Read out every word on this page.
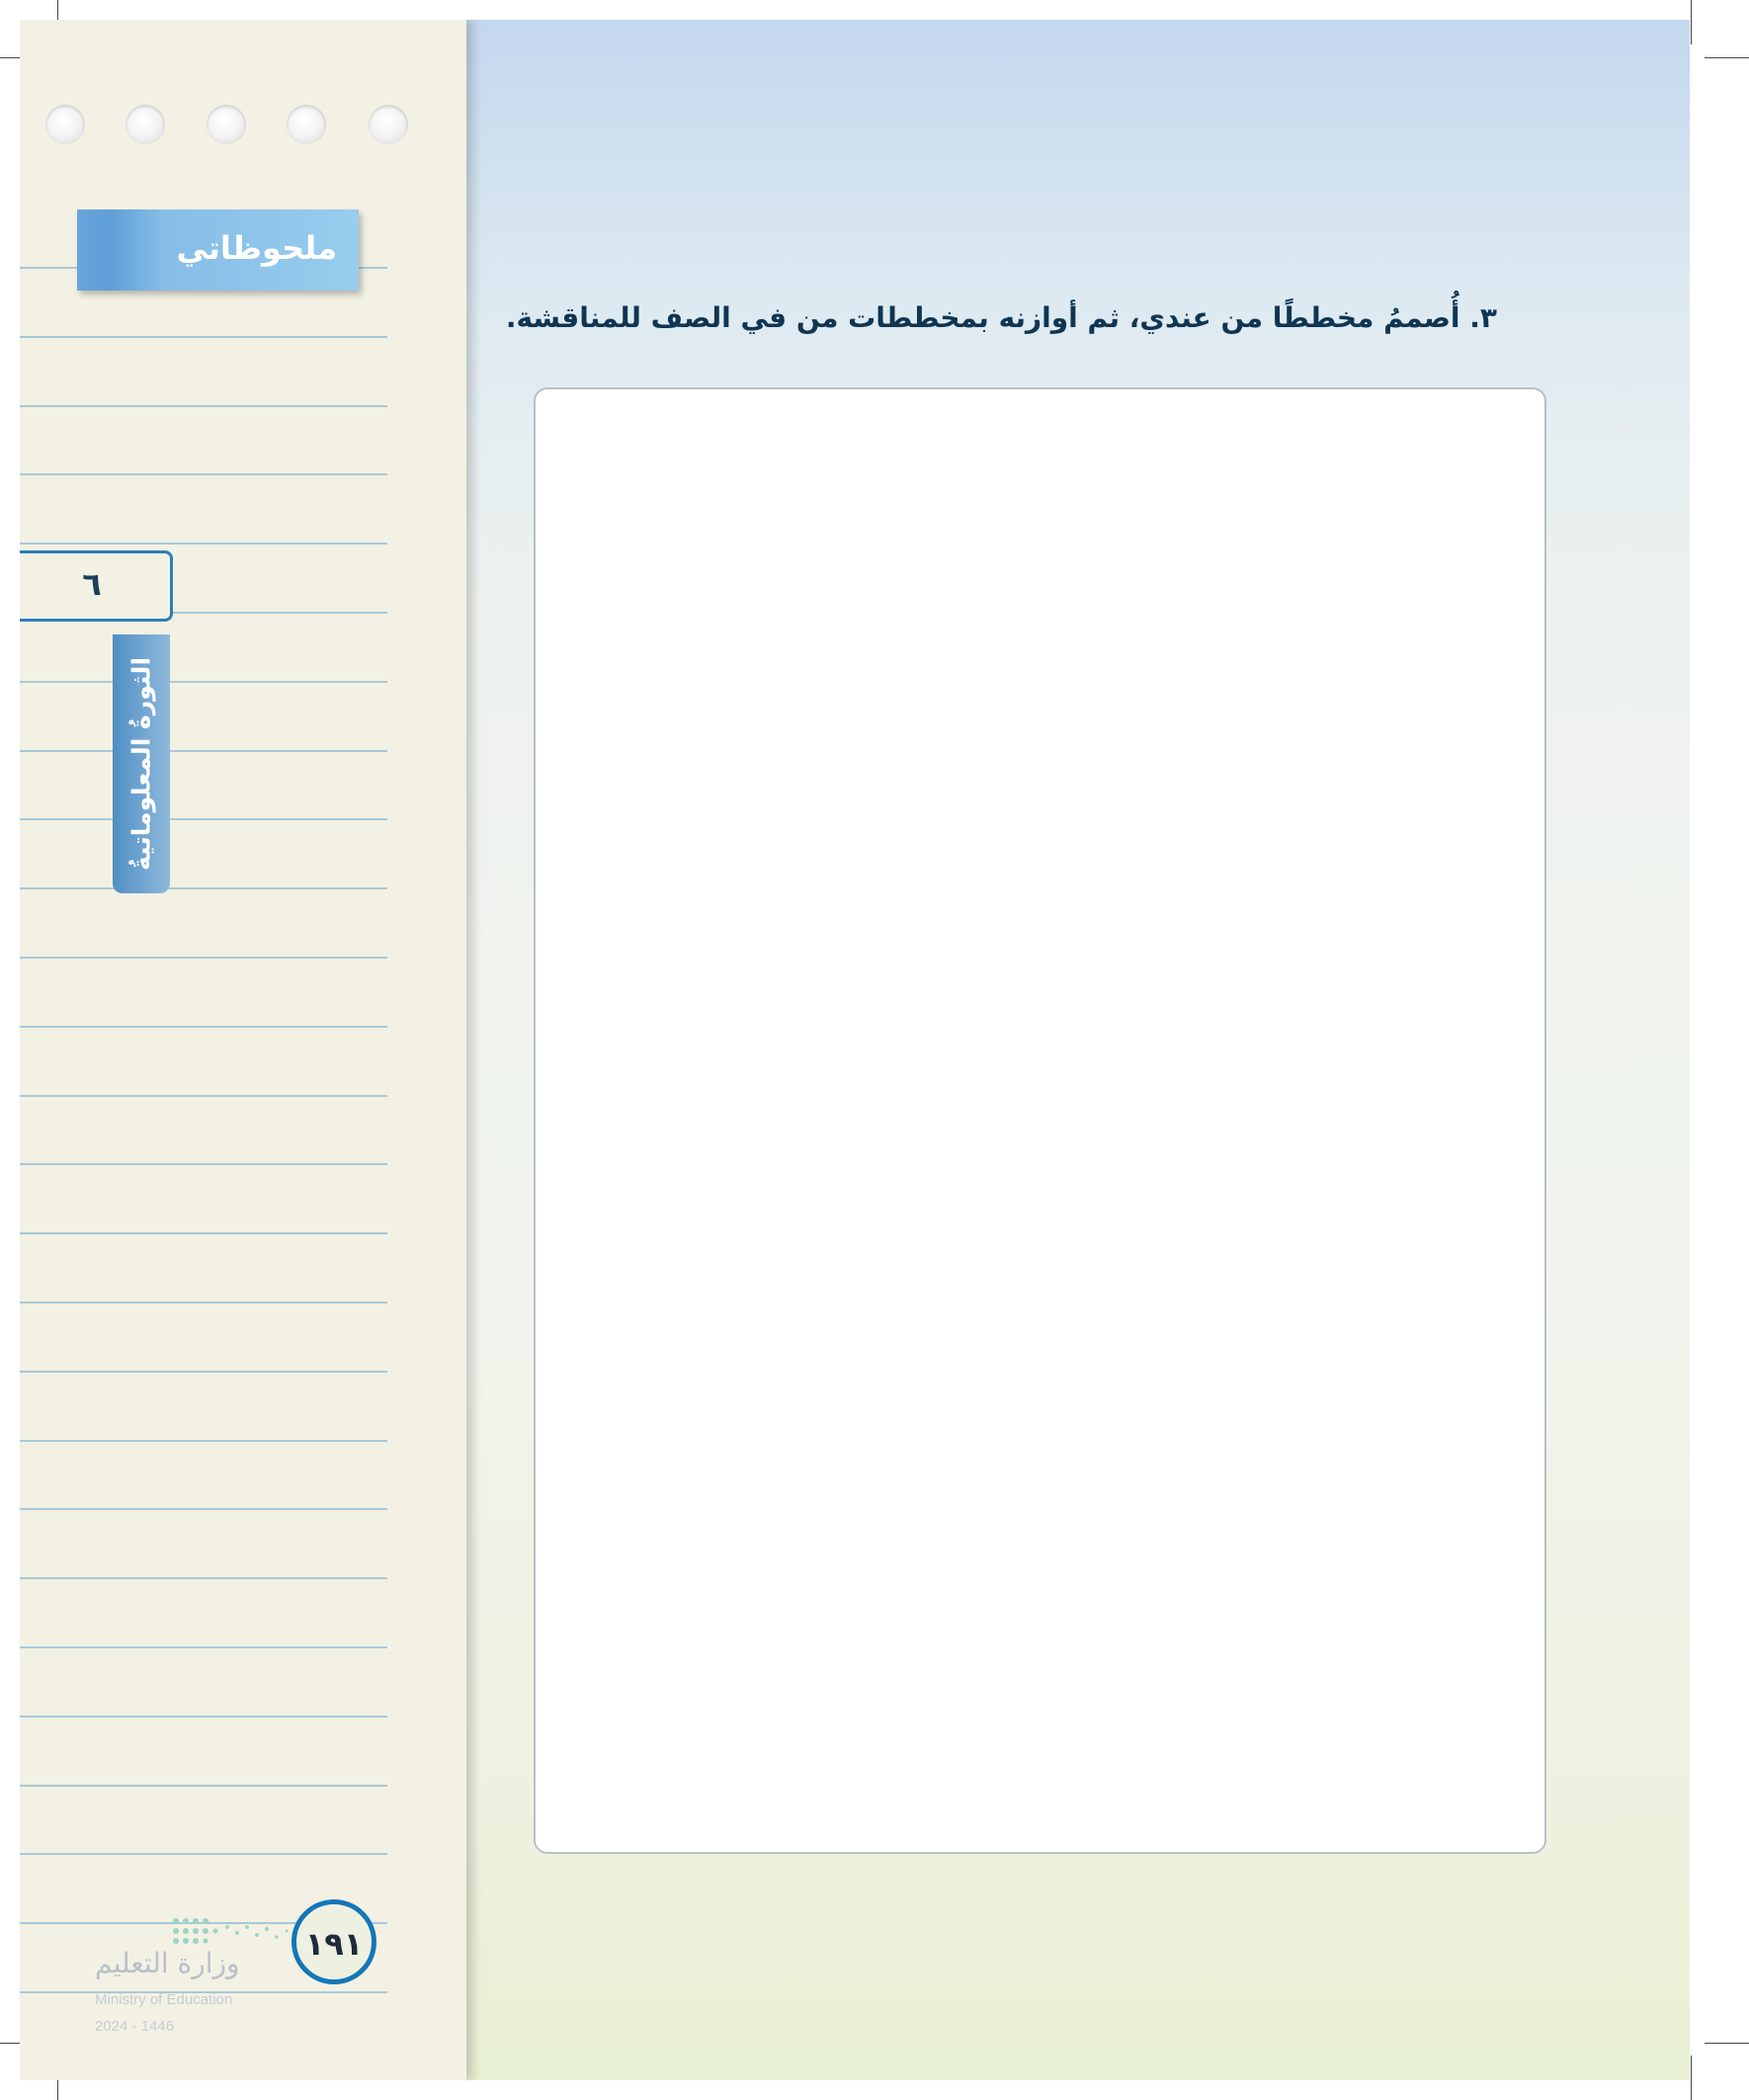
٣. أُصممُ مخططًا من عندي، ثم أوازنه بمخططات من في الصف للمناقشة.
ملحوظاتي
٦
الثورةُ المعلوماتيةُ
١٩١
وزارة التعليم
Ministry of Education
2024 - 1446
